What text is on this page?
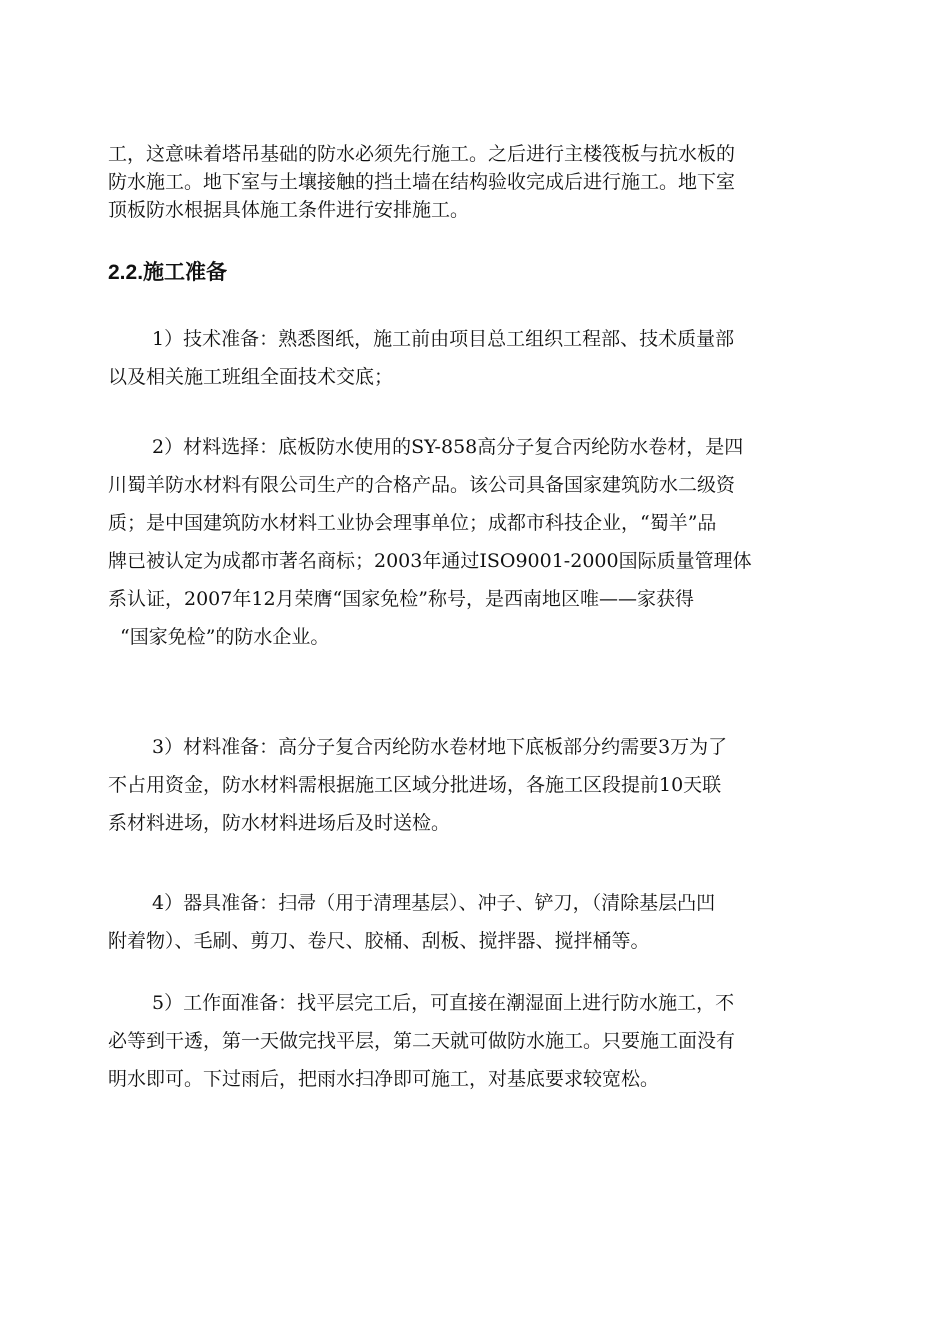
工，这意味着塔吊基础的防水必须先行施工。之后进行主楼筏板与抗水板的
防水施工。地下室与土壤接触的挡土墙在结构验收完成后进行施工。地下室
顶板防水根据具体施工条件进行安排施工。
2.2.施工准备
1）技术准备：熟悉图纸，施工前由项目总工组织工程部、技术质量部
以及相关施工班组全面技术交底；
2）材料选择：底板防水使用的SY-858高分子复合丙纶防水卷材，是四
川蜀羊防水材料有限公司生产的合格产品。该公司具备国家建筑防水二级资
质；是中国建筑防水材料工业协会理事单位；成都市科技企业，“蜀羊”品
牌已被认定为成都市著名商标；2003年通过ISO9001-2000国际质量管理体
系认证，2007年12月荣膺“国家免检”称号，是西南地区唯——家获得
“国家免检”的防水企业。
3）材料准备：高分子复合丙纶防水卷材地下底板部分约需要3万为了
不占用资金，防水材料需根据施工区域分批进场，各施工区段提前10天联
系材料进场，防水材料进场后及时送检。
4）器具准备：扫帚（用于清理基层）、冲子、铲刀，（清除基层凸凹
附着物）、毛刷、剪刀、卷尺、胶桶、刮板、搅拌器、搅拌桶等。
5）工作面准备：找平层完工后，可直接在潮湿面上进行防水施工，不
必等到干透，第一天做完找平层，第二天就可做防水施工。只要施工面没有
明水即可。下过雨后，把雨水扫净即可施工，对基底要求较宽松。
